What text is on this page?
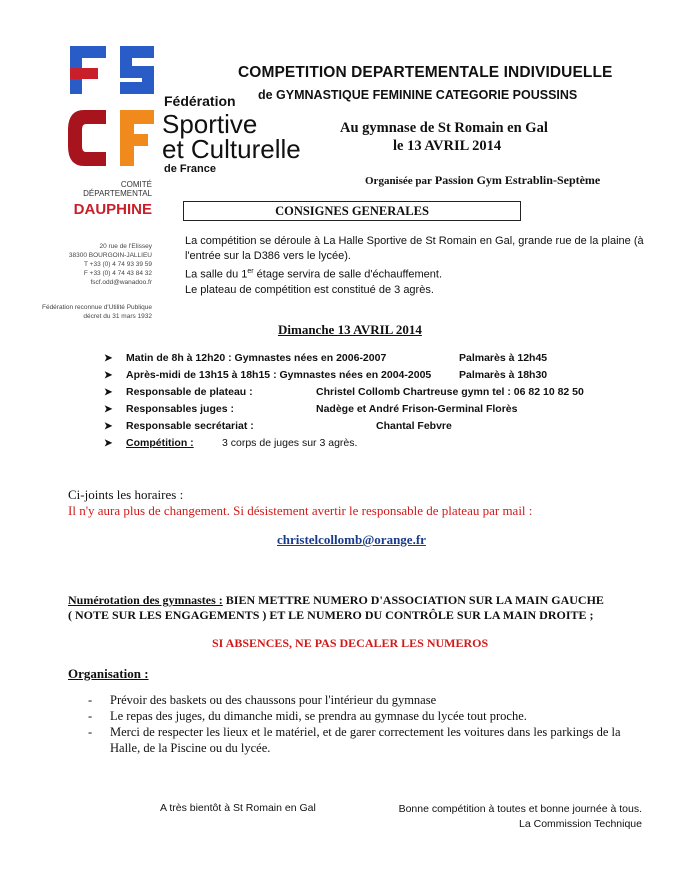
Fédération
Sportive
et Culturelle
de France
COMITÉ
DÉPARTEMENTAL
DAUPHINE
20 rue de l'Elissey
38300 BOURGOIN-JALLIEU
T +33 (0) 4 74 93 39 59
F +33 (0) 4 74 43 84 32
fscf.odd@wanadoo.fr
Fédération reconnue d'Utilité Publique
décret du 31 mars 1932
COMPETITION DEPARTEMENTALE INDIVIDUELLE
de GYMNASTIQUE FEMININE CATEGORIE POUSSINS
Au gymnase de St Romain en Gal
le 13 AVRIL 2014
Organisée par Passion Gym Estrablin-Septème
CONSIGNES GENERALES
La compétition se déroule à La Halle Sportive de St Romain en Gal, grande rue de la plaine (à
l'entrée sur la D386 vers le lycée).
La salle du 1er étage servira de salle d'échauffement.
Le plateau de compétition est constitué de 3 agrès.
Dimanche 13 AVRIL 2014
➤ Matin de 8h à 12h20 : Gymnastes nées en 2006-2007	Palmarès à 12h45
➤ Après-midi de 13h15 à 18h15 : Gymnastes nées en 2004-2005	Palmarès à 18h30
➤ Responsable de plateau :	Christel Collomb Chartreuse gymn tel : 06 82 10 82 50
➤ Responsables juges :	Nadège et André Frison-Germinal Florès
➤ Responsable secrétariat :	Chantal Febvre
➤ Compétition :	3 corps de juges sur 3 agrès.
Ci-joints les horaires :
Il n'y aura plus de changement. Si désistement avertir le responsable de plateau par mail :
christelcollomb@orange.fr
Numérotation des gymnastes : BIEN METTRE NUMERO D'ASSOCIATION SUR LA MAIN GAUCHE
( NOTE SUR LES ENGAGEMENTS ) ET LE NUMERO DU CONTRÔLE SUR LA MAIN DROITE ;
SI ABSENCES, NE PAS DECALER LES NUMEROS
Organisation :
- Prévoir des baskets ou des chaussons pour l'intérieur du gymnase
- Le repas des juges, du dimanche midi, se prendra au gymnase du lycée tout proche.
- Merci de respecter les lieux et le matériel, et de garer correctement les voitures dans les parkings de la Halle, de la Piscine ou du lycée.
A très bientôt à St Romain en Gal	Bonne compétition à toutes et bonne journée à tous.
La Commission Technique
